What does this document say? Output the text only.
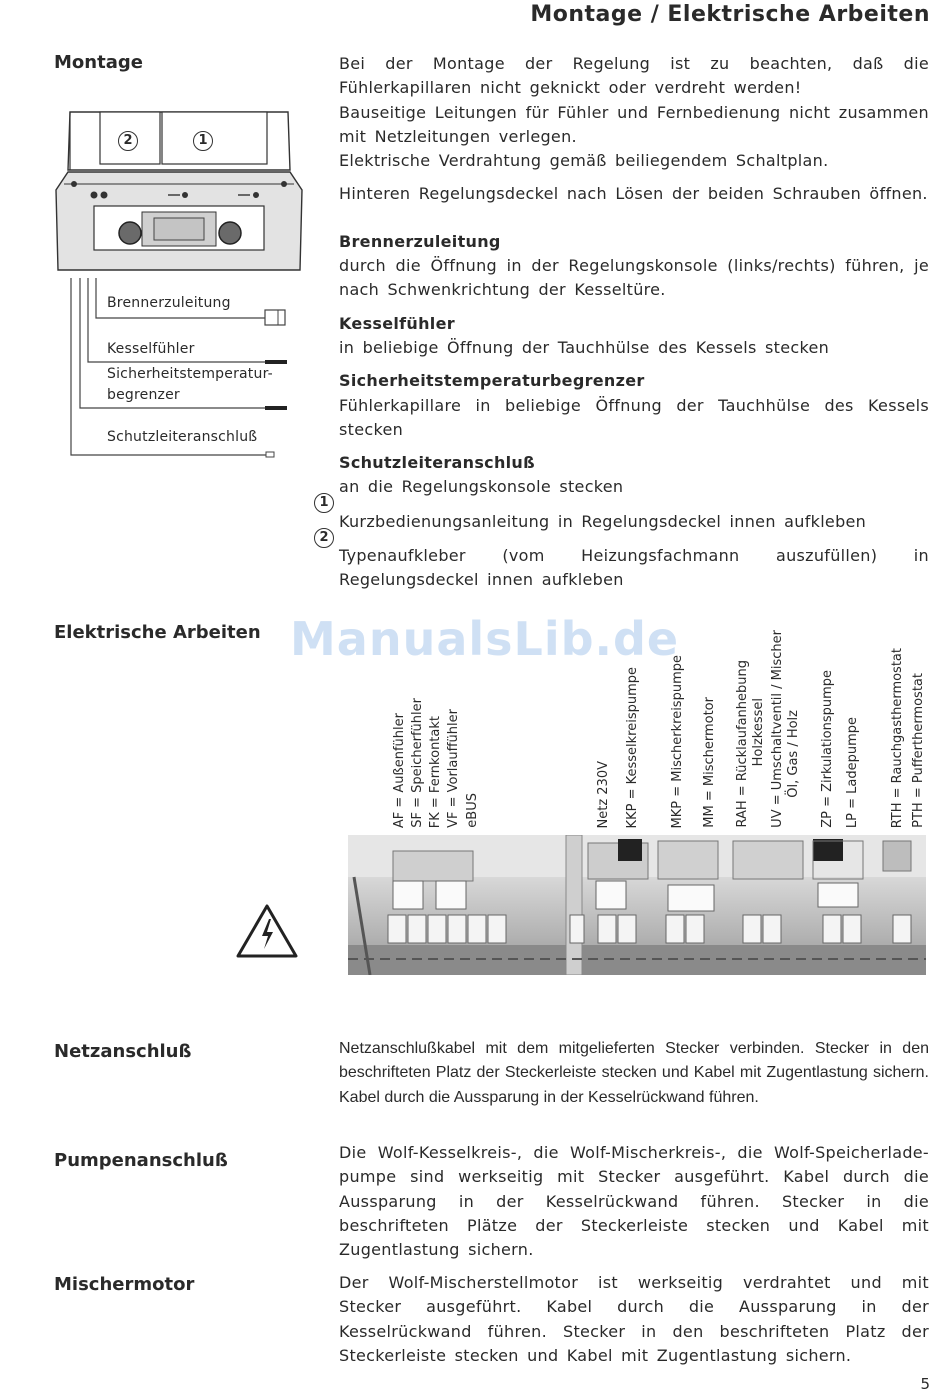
Montage / Elektrische Arbeiten
Montage	Bei der Montage der Regelung ist zu beachten, daß die Fühlerkapillaren nicht geknickt oder verdreht werden!

Bauseitige Leitungen für Fühler und Fernbedienung nicht zusammen mit Netzleitungen verlegen.

Elektrische Verdrahtung gemäß beiliegendem Schaltplan.

Hinteren Regelungsdeckel nach Lösen der beiden Schrauben öffnen.

Brennerzuleitung

durch die Öffnung in der Regelungskonsole (links/rechts) führen, je nach Schwenkrichtung der Kesseltüre.

Kesselfühler

in beliebige Öffnung der Tauchhülse des Kessels stecken

Sicherheitstemperaturbegrenzer

Fühlerkapillare in beliebige Öffnung der Tauchhülse des Kessels stecken

Schutzleiteranschluß

an die Regelungskonsole stecken

Kurzbedienungsanleitung in Regelungsdeckel innen aufkleben

Typenaufkleber (vom Heizungsfachmann auszufüllen) in Regelungsdeckel innen aufkleben

1
2
2	1
Brennerzuleitung
Kesselfühler
Sicherheitstemperatur-
begrenzer
Schutzleiteranschluß
Elektrische Arbeiten ManualsLib.de
AF = Außenfühler SF = Speicherfühler FK = Fernkontakt VF = Vorlauffühler eBUS	Netz 230V KKP = Kesselkreispumpe MKP = Mischerkreispumpe MM = Mischermotor RAH = Rücklaufanhebung Holzkessel UV = Umschaltventil / Mischer Öl, Gas / Holz ZP = Zirkulationspumpe LP = Ladepumpe RTH = Rauchgasthermostat PTH = Pufferthermostat
Netzanschluß	Netzanschlußkabel mit dem mitgelieferten Stecker verbinden. Stecker in den beschrifteten Platz der Steckerleiste stecken und Kabel mit Zugentlastung sichern. Kabel durch die Aussparung in der Kesselrückwand führen.
Pumpenanschluß	Die Wolf-Kesselkreis-, die Wolf-Mischerkreis-, die Wolf-Speicherlade-pumpe sind werkseitig mit Stecker ausgeführt. Kabel durch die Aussparung in der Kesselrückwand führen. Stecker in die beschrifteten Plätze der Steckerleiste stecken und Kabel mit Zugentlastung sichern.
Mischermotor	Der Wolf-Mischerstellmotor ist werkseitig verdrahtet und mit Stecker ausgeführt. Kabel durch die Aussparung in der Kesselrückwand führen. Stecker in den beschrifteten Platz der Steckerleiste stecken und Kabel mit Zugentlastung sichern.
5
